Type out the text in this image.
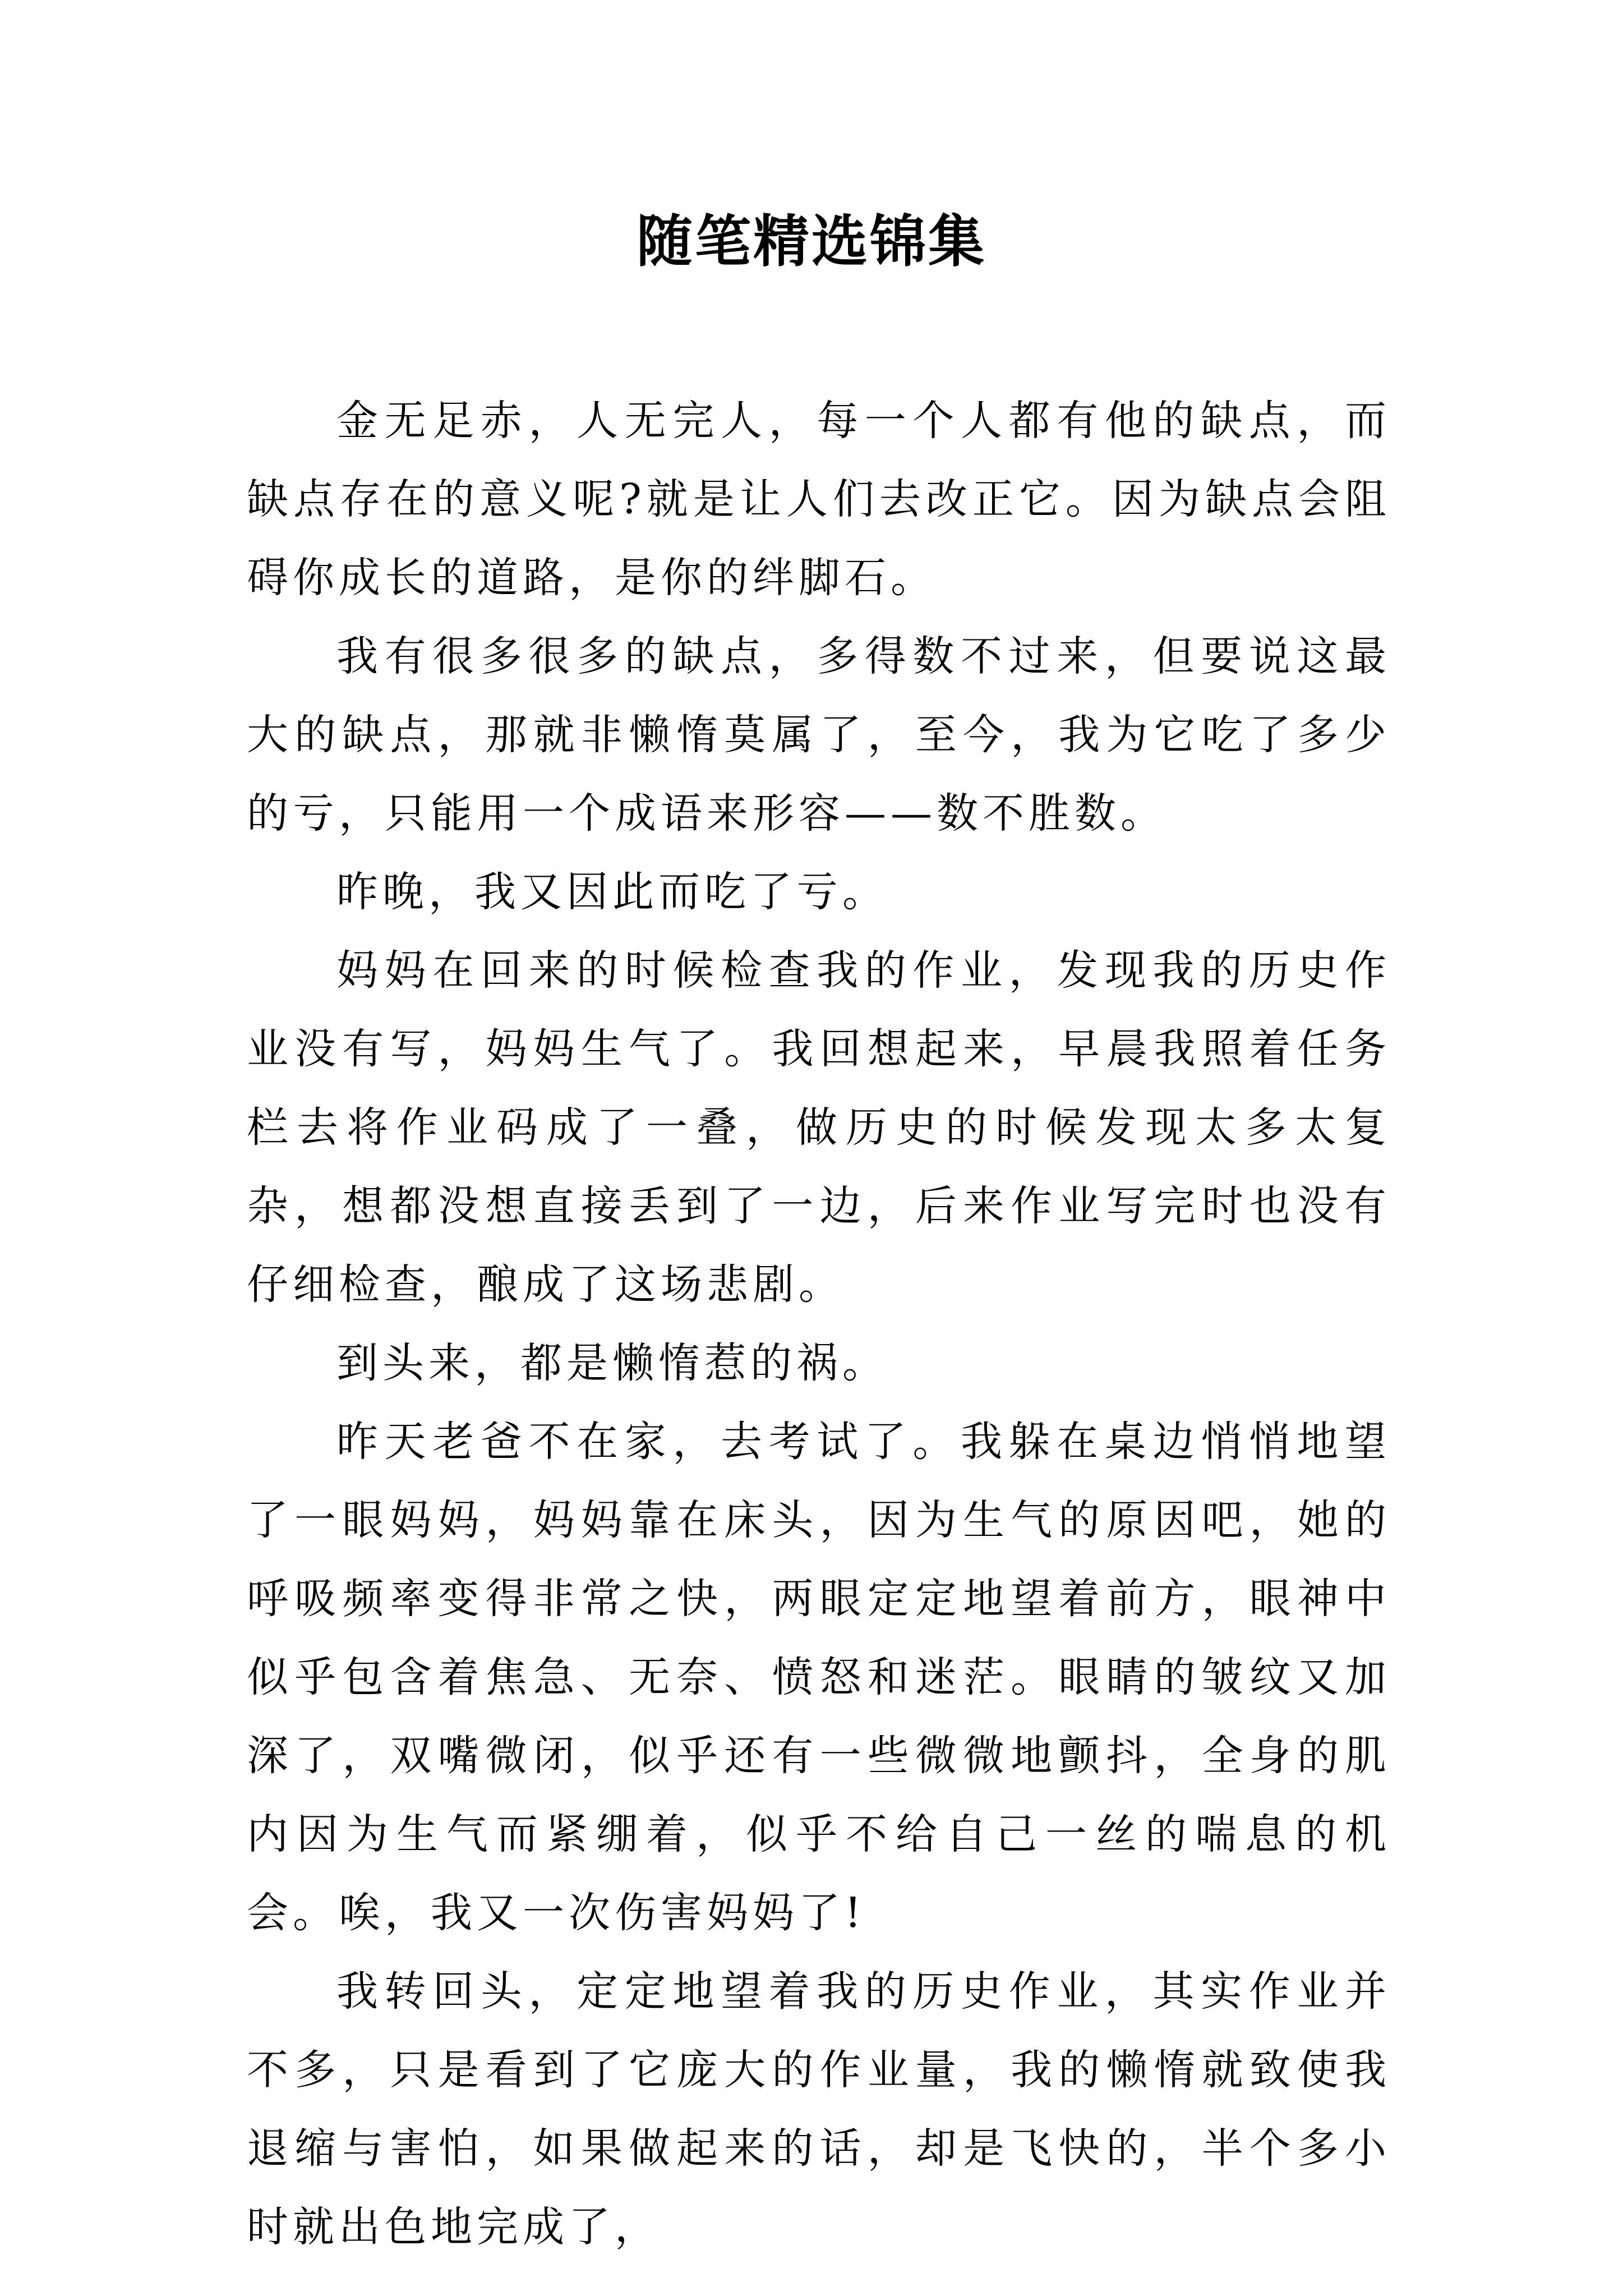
随笔精选锦集

金无足赤，人无完人，每一个人都有他的缺点，而缺点存在的意义呢?就是让人们去改正它。因为缺点会阻碍你成长的道路，是你的绊脚石。

我有很多很多的缺点，多得数不过来，但要说这最大的缺点，那就非懒惰莫属了，至今，我为它吃了多少的亏，只能用一个成语来形容——数不胜数。

昨晚，我又因此而吃了亏。

妈妈在回来的时候检查我的作业，发现我的历史作业没有写，妈妈生气了。我回想起来，早晨我照着任务栏去将作业码成了一叠，做历史的时候发现太多太复杂，想都没想直接丢到了一边，后来作业写完时也没有仔细检查，酿成了这场悲剧。

到头来，都是懒惰惹的祸。

昨天老爸不在家，去考试了。我躲在桌边悄悄地望了一眼妈妈，妈妈靠在床头，因为生气的原因吧，她的呼吸频率变得非常之快，两眼定定地望着前方，眼神中似乎包含着焦急、无奈、愤怒和迷茫。眼睛的皱纹又加深了，双嘴微闭，似乎还有一些微微地颤抖，全身的肌内因为生气而紧绷着，似乎不给自己一丝的喘息的机会。唉，我又一次伤害妈妈了!

我转回头，定定地望着我的历史作业，其实作业并不多，只是看到了它庞大的作业量，我的懒惰就致使我退缩与害怕，如果做起来的话，却是飞快的，半个多小时就出色地完成了，
